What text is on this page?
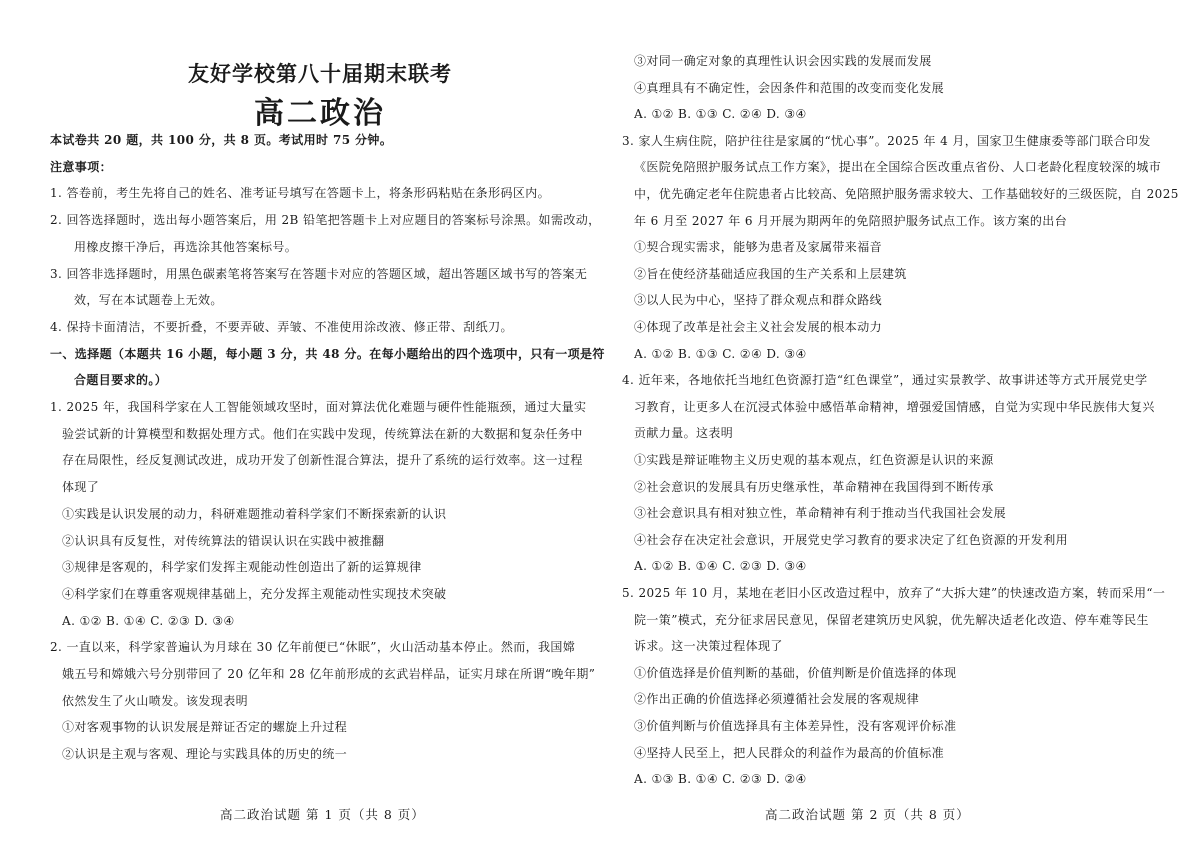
友好学校第八十届期末联考
高二政治
高二政治试题 第 1 页（共 8 页）
本试卷共 20 题，共 100 分，共 8 页。考试用时 75 分钟。
注意事项：
1. 答卷前，考生先将自己的姓名、准考证号填写在答题卡上，将条形码粘贴在条形码区内。
2. 回答选择题时，选出每小题答案后，用 2B 铅笔把答题卡上对应题目的答案标号涂黑。如需改动，
用橡皮擦干净后，再选涂其他答案标号。
3. 回答非选择题时，用黑色碳素笔将答案写在答题卡对应的答题区域，超出答题区域书写的答案无
效，写在本试题卷上无效。
4. 保持卡面清洁，不要折叠，不要弄破、弄皱、不准使用涂改液、修正带、刮纸刀。
一、选择题（本题共 16 小题，每小题 3 分，共 48 分。在每小题给出的四个选项中，只有一项是符
合题目要求的。）
1. 2025 年，我国科学家在人工智能领域攻坚时，面对算法优化难题与硬件性能瓶颈，通过大量实
验尝试新的计算模型和数据处理方式。他们在实践中发现，传统算法在新的大数据和复杂任务中
存在局限性，经反复测试改进，成功开发了创新性混合算法，提升了系统的运行效率。这一过程
体现了
①实践是认识发展的动力，科研难题推动着科学家们不断探索新的认识
②认识具有反复性，对传统算法的错误认识在实践中被推翻
③规律是客观的，科学家们发挥主观能动性创造出了新的运算规律
④科学家们在尊重客观规律基础上，充分发挥主观能动性实现技术突破
A. ①② B. ①④ C. ②③ D. ③④
2. 一直以来，科学家普遍认为月球在 30 亿年前便已“休眠”，火山活动基本停止。然而，我国嫦
娥五号和嫦娥六号分别带回了 20 亿年和 28 亿年前形成的玄武岩样品，证实月球在所谓“晚年期”
依然发生了火山喷发。该发现表明
①对客观事物的认识发展是辩证否定的螺旋上升过程
②认识是主观与客观、理论与实践具体的历史的统一
高二政治试题 第 2 页（共 8 页）
③对同一确定对象的真理性认识会因实践的发展而发展
④真理具有不确定性，会因条件和范围的改变而变化发展
A. ①② B. ①③ C. ②④ D. ③④
3. 家人生病住院，陪护往往是家属的“忧心事”。2025 年 4 月，国家卫生健康委等部门联合印发
《医院免陪照护服务试点工作方案》，提出在全国综合医改重点省份、人口老龄化程度较深的城市
中，优先确定老年住院患者占比较高、免陪照护服务需求较大、工作基础较好的三级医院，自 2025
年 6 月至 2027 年 6 月开展为期两年的免陪照护服务试点工作。该方案的出台
①契合现实需求，能够为患者及家属带来福音
②旨在使经济基础适应我国的生产关系和上层建筑
③以人民为中心，坚持了群众观点和群众路线
④体现了改革是社会主义社会发展的根本动力
A. ①② B. ①③ C. ②④ D. ③④
4. 近年来，各地依托当地红色资源打造“红色课堂”，通过实景教学、故事讲述等方式开展党史学
习教育，让更多人在沉浸式体验中感悟革命精神，增强爱国情感，自觉为实现中华民族伟大复兴
贡献力量。这表明
①实践是辩证唯物主义历史观的基本观点，红色资源是认识的来源
②社会意识的发展具有历史继承性，革命精神在我国得到不断传承
③社会意识具有相对独立性，革命精神有利于推动当代我国社会发展
④社会存在决定社会意识，开展党史学习教育的要求决定了红色资源的开发利用
A. ①② B. ①④ C. ②③ D. ③④
5. 2025 年 10 月，某地在老旧小区改造过程中，放弃了“大拆大建”的快速改造方案，转而采用“一
院一策”模式，充分征求居民意见，保留老建筑历史风貌，优先解决适老化改造、停车难等民生
诉求。这一决策过程体现了
①价值选择是价值判断的基础，价值判断是价值选择的体现
②作出正确的价值选择必须遵循社会发展的客观规律
③价值判断与价值选择具有主体差异性，没有客观评价标准
④坚持人民至上，把人民群众的利益作为最高的价值标准
A. ①③ B. ①④ C. ②③ D. ②④
